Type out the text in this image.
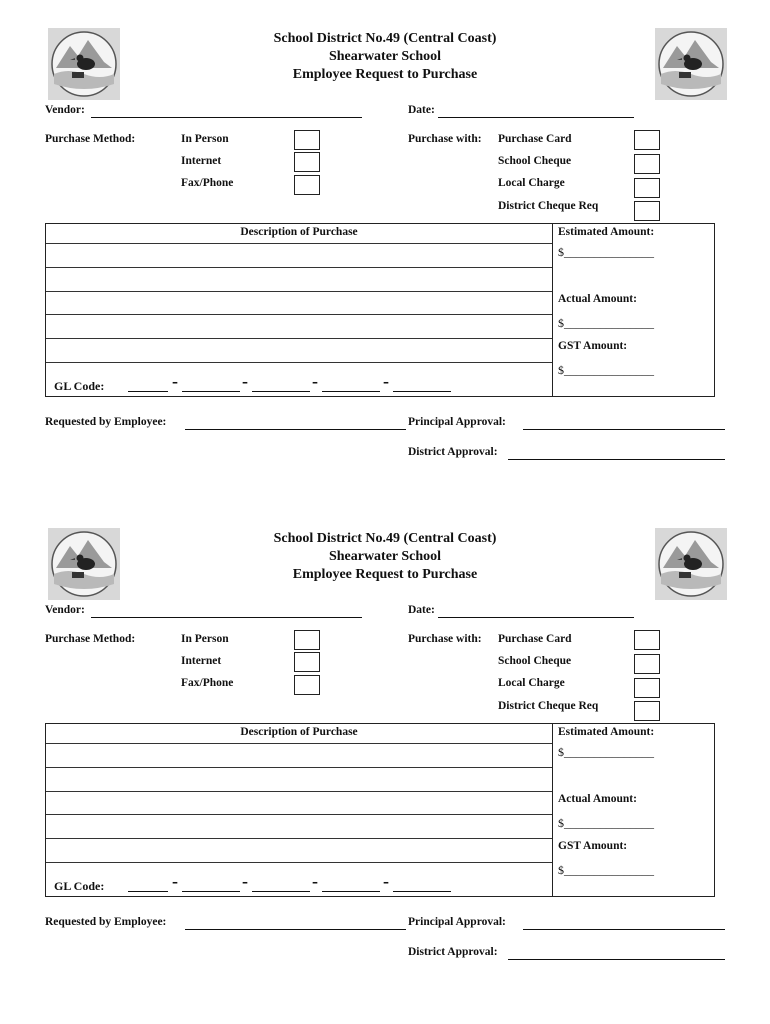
School District No.49 (Central Coast)
Shearwater School
Employee Request to Purchase
Vendor:	Date:
Purchase Method:	In Person
Internet
Fax/Phone
Purchase with: Purchase Card
School Cheque
Local Charge
District Cheque Req
Description of Purchase	Estimated Amount:
$_______________
Actual Amount:
$_______________
GST Amount:
$_______________
GL Code:	-	-	-	-
Requested by Employee:	Principal Approval:
District Approval:
School District No.49 (Central Coast)
Shearwater School
Employee Request to Purchase
Vendor:	Date:
Purchase Method:	In Person
Internet
Fax/Phone
Purchase with: Purchase Card
School Cheque
Local Charge
District Cheque Req
Description of Purchase	Estimated Amount:
$_______________
Actual Amount:
$_______________
GST Amount:
$_______________
GL Code:	-	-	-	-
Requested by Employee:	Principal Approval:
District Approval:
